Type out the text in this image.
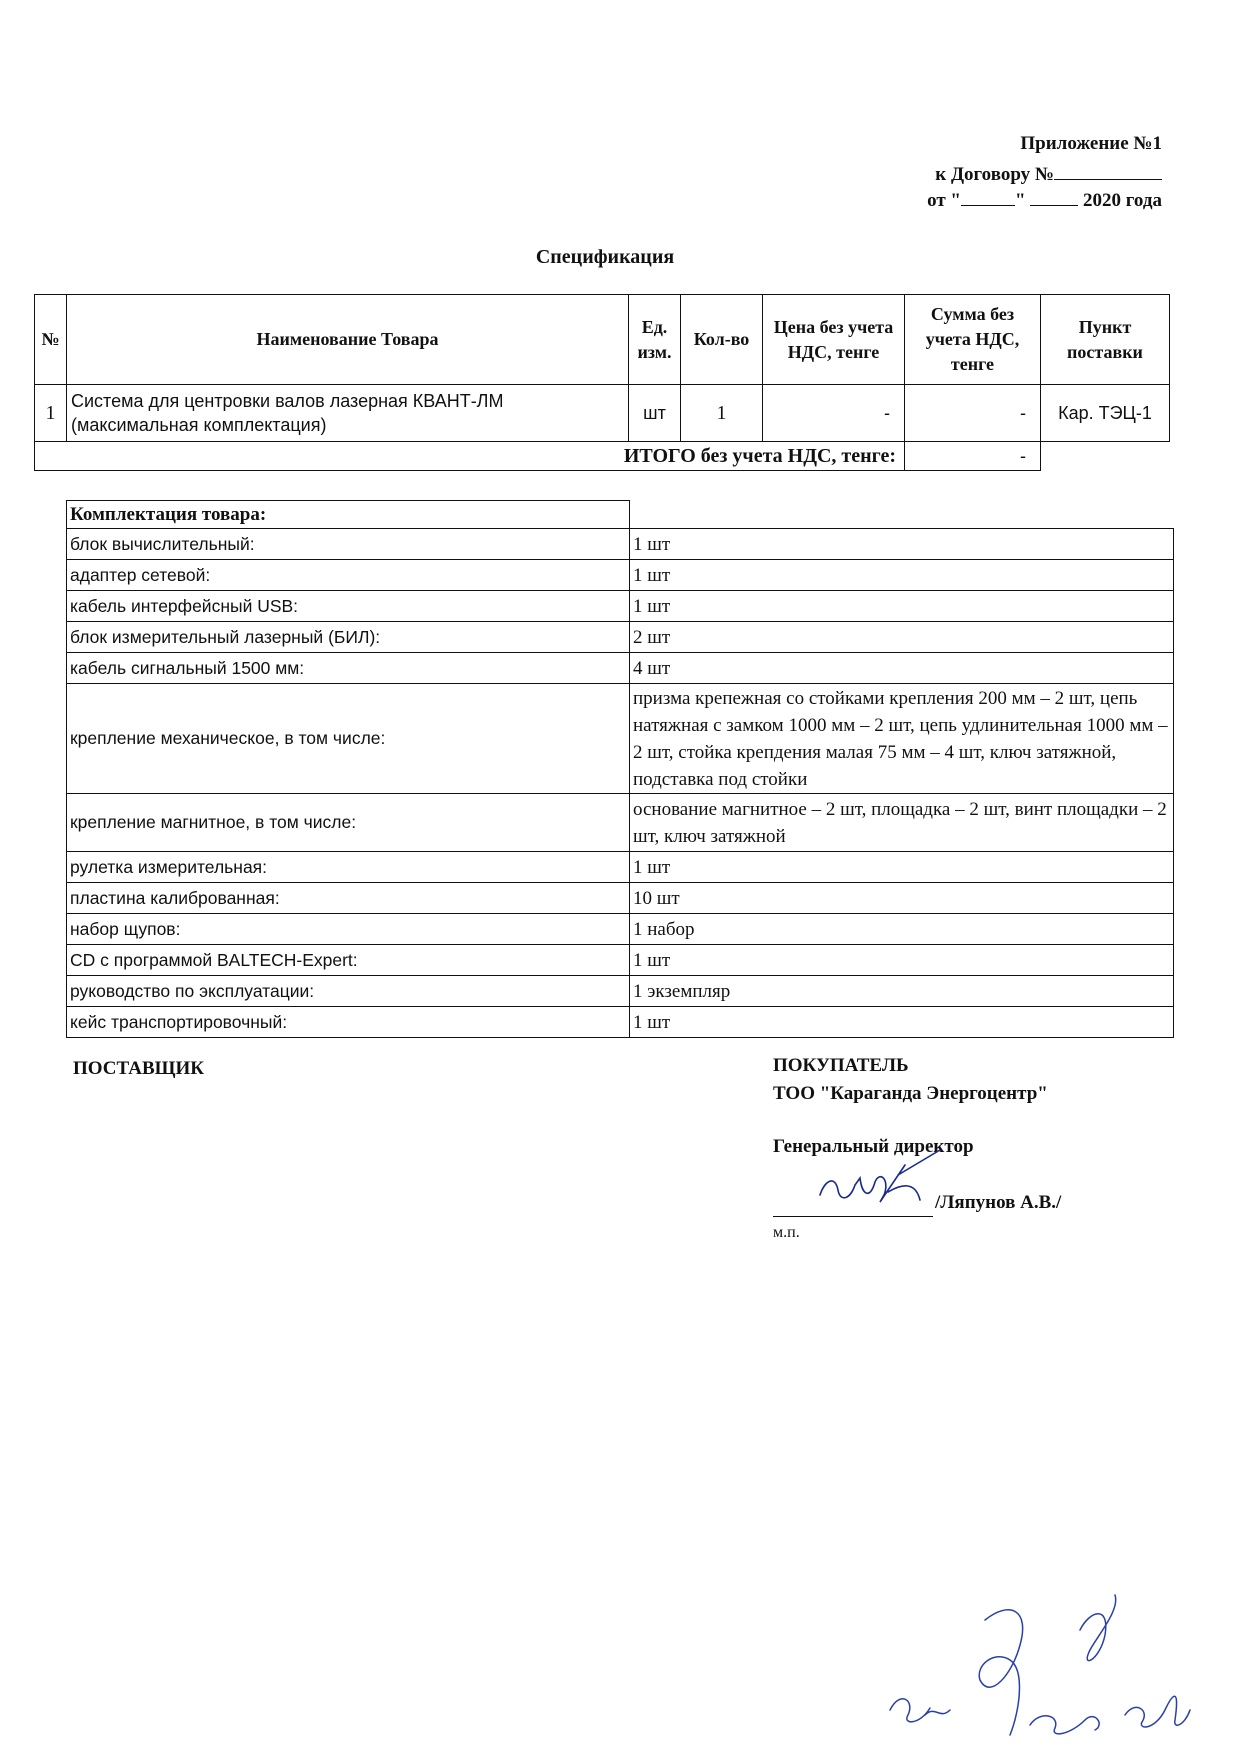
Приложение №1
к Договору №
от "	"	2020 года
Спецификация
№	Наименование Товара	Ед. изм.	Кол-во	Цена без учета НДС, тенге	Сумма без учета НДС, тенге	Пункт поставки
1	Система для центровки валов лазерная КВАНТ-ЛМ (максимальная комплектация)	шт	1	-	-	Кар. ТЭЦ-1
ИТОГО без учета НДС, тенге:					-	
Комплектация товара:	
блок вычислительный:	1 шт
адаптер сетевой:	1 шт
кабель интерфейсный USB:	1 шт
блок измерительный лазерный (БИЛ):	2 шт
кабель сигнальный 1500 мм:	4 шт
крепление механическое, в том числе:	призма крепежная со стойками крепления 200 мм – 2 шт, цепь натяжная с замком 1000 мм – 2 шт, цепь удлинительная 1000 мм – 2 шт, стойка крепдения малая 75 мм – 4 шт, ключ затяжной, подставка под стойки
крепление магнитное, в том числе:	основание магнитное – 2 шт, площадка – 2 шт, винт площадки – 2 шт, ключ затяжной
рулетка измерительная:	1 шт
пластина калиброванная:	10 шт
набор щупов:	1 набор
CD с программой BALTECH-Expert:	1 шт
руководство по эксплуатации:	1 экземпляр
кейс транспортировочный:	1 шт
ПОСТАВЩИК	ПОКУПАТЕЛЬ
ТОО "Караганда Энергоцентр"
Генеральный директор
/Ляпунов А.В./
м.п.
